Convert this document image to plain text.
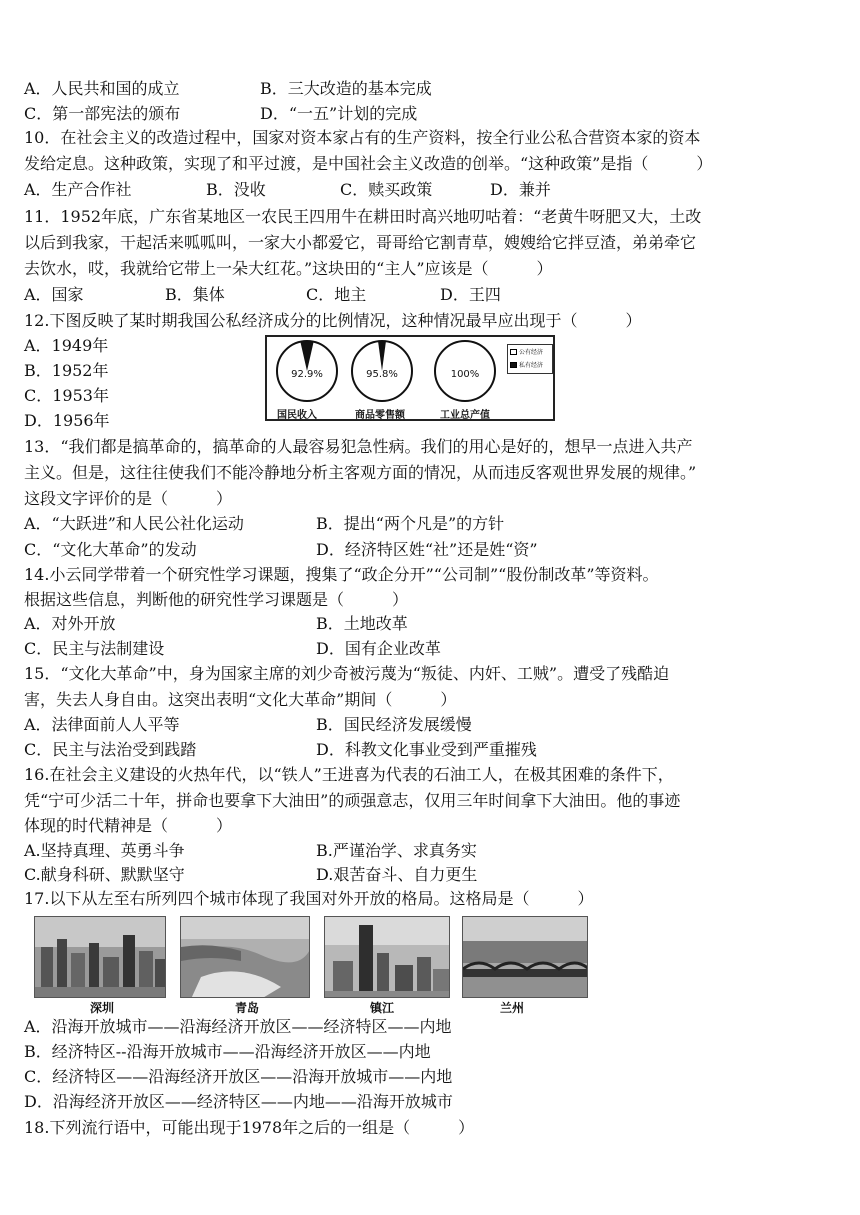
A．人民共和国的成立	B．三大改造的基本完成
C．第一部宪法的颁布	D．“一五”计划的完成
10．在社会主义的改造过程中，国家对资本家占有的生产资料，按全行业公私合营资本家的资本
发给定息。这种政策，实现了和平过渡，是中国社会主义改造的创举。“这种政策”是指（　　　）
A．生产合作社	B．没收	C．赎买政策	D．兼并
11．1952年底，广东省某地区一农民王四用牛在耕田时高兴地叨咕着：“老黄牛呀肥又大，土改
以后到我家，干起活来呱呱叫，一家大小都爱它，哥哥给它割青草，嫂嫂给它拌豆渣，弟弟牵它
去饮水，哎，我就给它带上一朵大红花。”这块田的“主人”应该是（　　　）
A．国家	B．集体	C．地主	D．王四
12.下图反映了某时期我国公私经济成分的比例情况，这种情况最早应出现于（　　　）
A．1949年
B．1952年
C．1953年
D．1956年
92.9%	95.8%	100%
国民收入	商品零售额	工业总产值
公有经济
私有经济
13．“我们都是搞革命的，搞革命的人最容易犯急性病。我们的用心是好的，想早一点进入共产
主义。但是，这往往使我们不能冷静地分析主客观方面的情况，从而违反客观世界发展的规律。”
这段文字评价的是（　　　）
A．“大跃进”和人民公社化运动	B．提出“两个凡是”的方针
C．“文化大革命”的发动	D．经济特区姓“社”还是姓“资”
14.小云同学带着一个研究性学习课题，搜集了“政企分开”“公司制”“股份制改革”等资料。
根据这些信息，判断他的研究性学习课题是（　　　）
A．对外开放	B．土地改革
C．民主与法制建设	D．国有企业改革
15．“文化大革命”中，身为国家主席的刘少奇被污蔑为“叛徒、内奸、工贼”。遭受了残酷迫
害，失去人身自由。这突出表明“文化大革命”期间（　　　）
A．法律面前人人平等	B．国民经济发展缓慢
C．民主与法治受到践踏	D．科教文化事业受到严重摧残
16.在社会主义建设的火热年代，以“铁人”王进喜为代表的石油工人，在极其困难的条件下，
凭“宁可少活二十年，拼命也要拿下大油田”的顽强意志，仅用三年时间拿下大油田。他的事迹
体现的时代精神是（　　　）
A.坚持真理、英勇斗争	B.严谨治学、求真务实
C.献身科研、默默坚守	D.艰苦奋斗、自力更生
17.以下从左至右所列四个城市体现了我国对外开放的格局。这格局是（　　　）
深圳	青岛	镇江	兰州
A．沿海开放城市——沿海经济开放区——经济特区——内地
B．经济特区--沿海开放城市——沿海经济开放区——内地
C．经济特区——沿海经济开放区——沿海开放城市——内地
D．沿海经济开放区——经济特区——内地——沿海开放城市
18.下列流行语中，可能出现于1978年之后的一组是（　　　）
